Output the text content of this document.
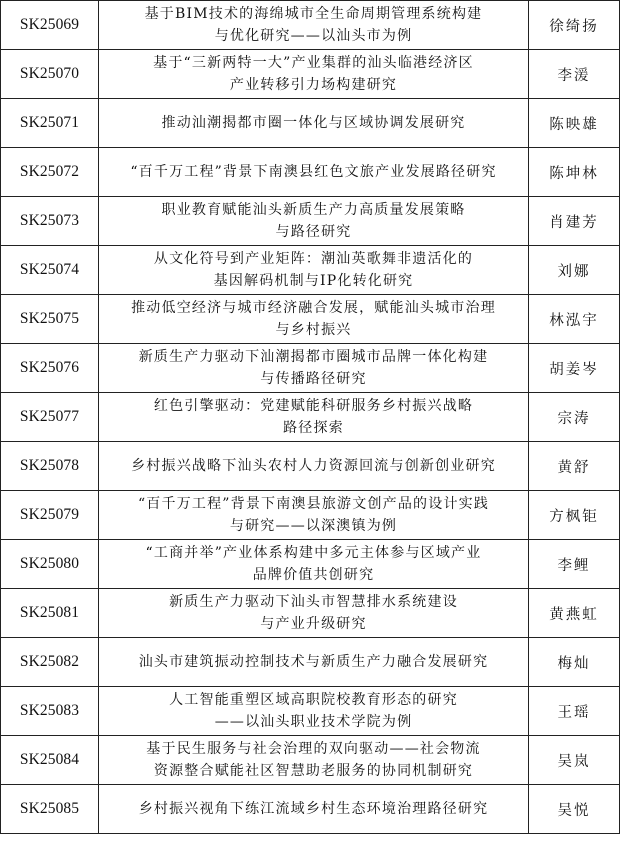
SK25069	基于BIM技术的海绵城市全生命周期管理系统构建
与优化研究——以汕头市为例	徐绮扬
SK25070	基于“三新两特一大”产业集群的汕头临港经济区
产业转移引力场构建研究	李湲
SK25071	推动汕潮揭都市圈一体化与区域协调发展研究	陈映雄
SK25072	“百千万工程”背景下南澳县红色文旅产业发展路径研究	陈坤林
SK25073	职业教育赋能汕头新质生产力高质量发展策略
与路径研究	肖建芳
SK25074	从文化符号到产业矩阵：潮汕英歌舞非遗活化的
基因解码机制与IP化转化研究	刘娜
SK25075	推动低空经济与城市经济融合发展，赋能汕头城市治理
与乡村振兴	林泓宇
SK25076	新质生产力驱动下汕潮揭都市圈城市品牌一体化构建
与传播路径研究	胡姜岑
SK25077	红色引擎驱动：党建赋能科研服务乡村振兴战略
路径探索	宗涛
SK25078	乡村振兴战略下汕头农村人力资源回流与创新创业研究	黄舒
SK25079	“百千万工程”背景下南澳县旅游文创产品的设计实践
与研究——以深澳镇为例	方枫钜
SK25080	“工商并举”产业体系构建中多元主体参与区域产业
品牌价值共创研究	李鲤
SK25081	新质生产力驱动下汕头市智慧排水系统建设
与产业升级研究	黄燕虹
SK25082	汕头市建筑振动控制技术与新质生产力融合发展研究	梅灿
SK25083	人工智能重塑区域高职院校教育形态的研究
——以汕头职业技术学院为例	王瑶
SK25084	基于民生服务与社会治理的双向驱动——社会物流
资源整合赋能社区智慧助老服务的协同机制研究	吴岚
SK25085	乡村振兴视角下练江流域乡村生态环境治理路径研究	吴悦
